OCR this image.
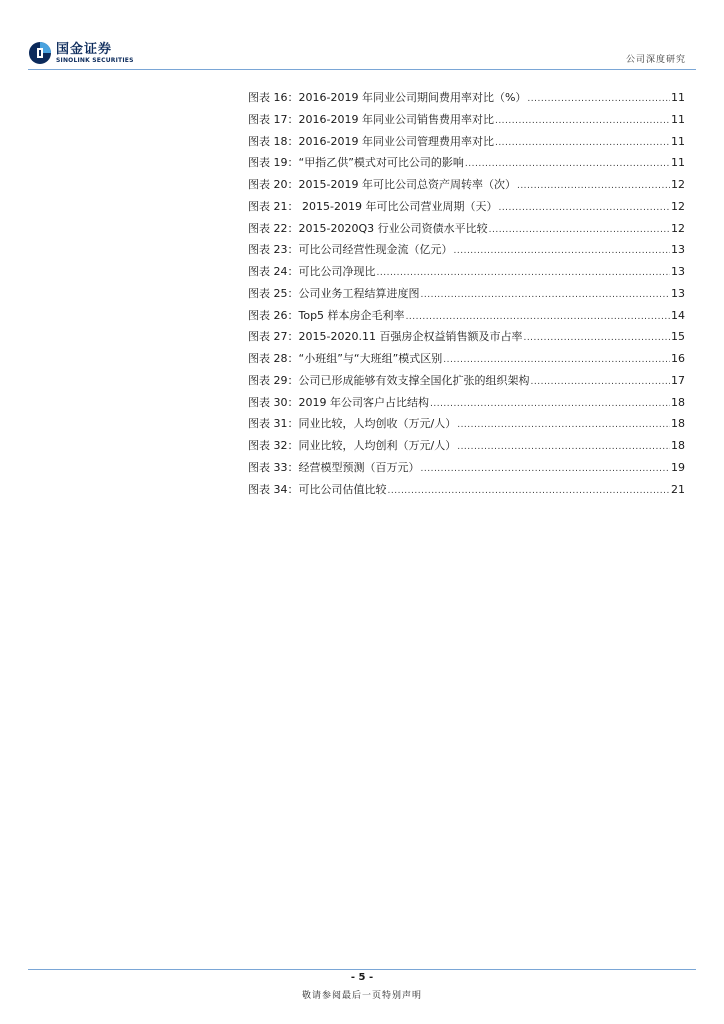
国金证券
SINOLINK SECURITIES	公司深度研究
图表 16：2016-2019 年同业公司期间费用率对比（%） .....	11
图表 17：2016-2019 年同业公司销售费用率对比 .....	11
图表 18：2016-2019 年同业公司管理费用率对比 .....	11
图表 19：“甲指乙供”模式对可比公司的影响 .....	11
图表 20：2015-2019 年可比公司总资产周转率（次） .....	12
图表 21： 2015-2019 年可比公司营业周期（天） .....	12
图表 22：2015-2020Q3 行业公司资债水平比较 .....	12
图表 23：可比公司经营性现金流（亿元） .....	13
图表 24：可比公司净现比 .....	13
图表 25：公司业务工程结算进度图 .....	13
图表 26：Top5 样本房企毛利率 .....	14
图表 27：2015-2020.11 百强房企权益销售额及市占率 .....	15
图表 28：“小班组”与“大班组”模式区别 .....	16
图表 29：公司已形成能够有效支撑全国化扩张的组织架构 .....	17
图表 30：2019 年公司客户占比结构 .....	18
图表 31：同业比较，人均创收（万元/人） .....	18
图表 32：同业比较，人均创利（万元/人） .....	18
图表 33：经营模型预测（百万元） .....	19
图表 34：可比公司估值比较 .....	21
- 5 -
敬请参阅最后一页特别声明
